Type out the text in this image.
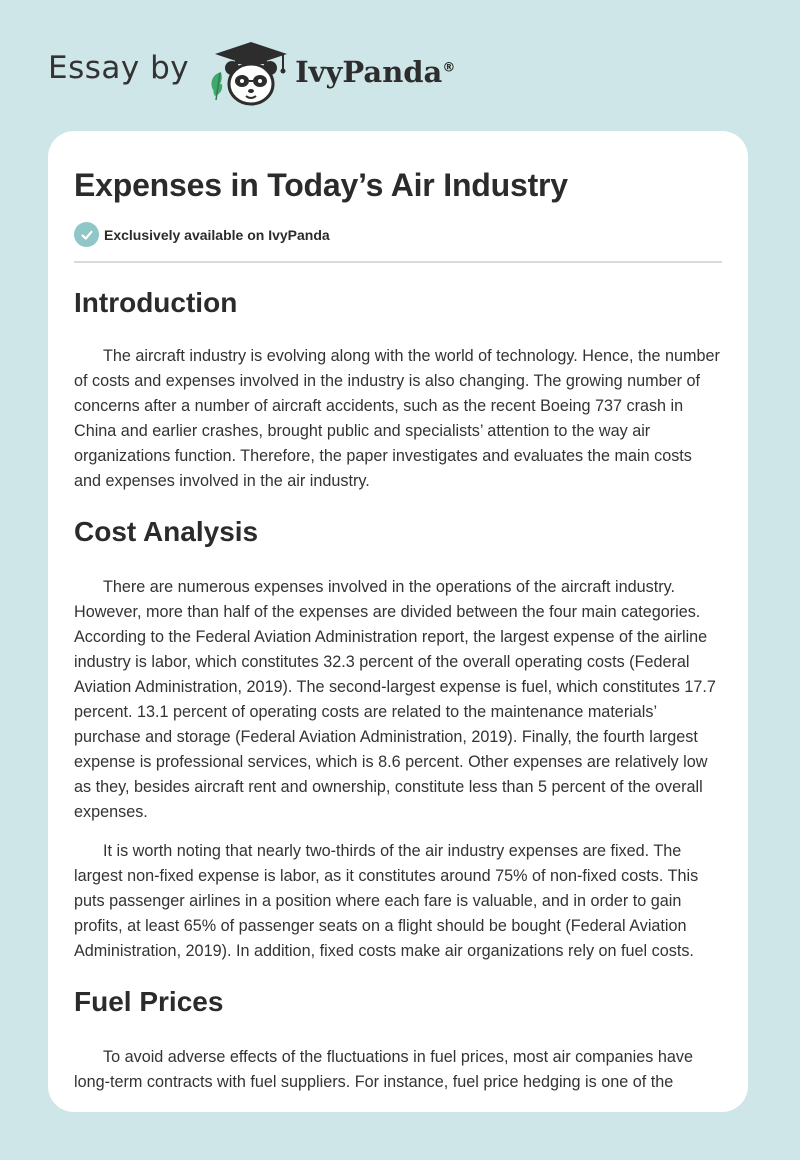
Essay by	IvyPanda®
Expenses in Today’s Air Industry
Exclusively available on IvyPanda
Introduction

The aircraft industry is evolving along with the world of technology. Hence, the number of costs and expenses involved in the industry is also changing. The growing number of concerns after a number of aircraft accidents, such as the recent Boeing 737 crash in China and earlier crashes, brought public and specialists’ attention to the way air organizations function. Therefore, the paper investigates and evaluates the main costs and expenses involved in the air industry.

Cost Analysis

There are numerous expenses involved in the operations of the aircraft industry. However, more than half of the expenses are divided between the four main categories. According to the Federal Aviation Administration report, the largest expense of the airline industry is labor, which constitutes 32.3 percent of the overall operating costs (Federal Aviation Administration, 2019). The second-largest expense is fuel, which constitutes 17.7 percent. 13.1 percent of operating costs are related to the maintenance materials’ purchase and storage (Federal Aviation Administration, 2019). Finally, the fourth largest expense is professional services, which is 8.6 percent. Other expenses are relatively low as they, besides aircraft rent and ownership, constitute less than 5 percent of the overall expenses.

It is worth noting that nearly two-thirds of the air industry expenses are fixed. The largest non-fixed expense is labor, as it constitutes around 75% of non-fixed costs. This puts passenger airlines in a position where each fare is valuable, and in order to gain profits, at least 65% of passenger seats on a flight should be bought (Federal Aviation Administration, 2019). In addition, fixed costs make air organizations rely on fuel costs.

Fuel Prices

To avoid adverse effects of the fluctuations in fuel prices, most air companies have long-term contracts with fuel suppliers. For instance, fuel price hedging is one of the
